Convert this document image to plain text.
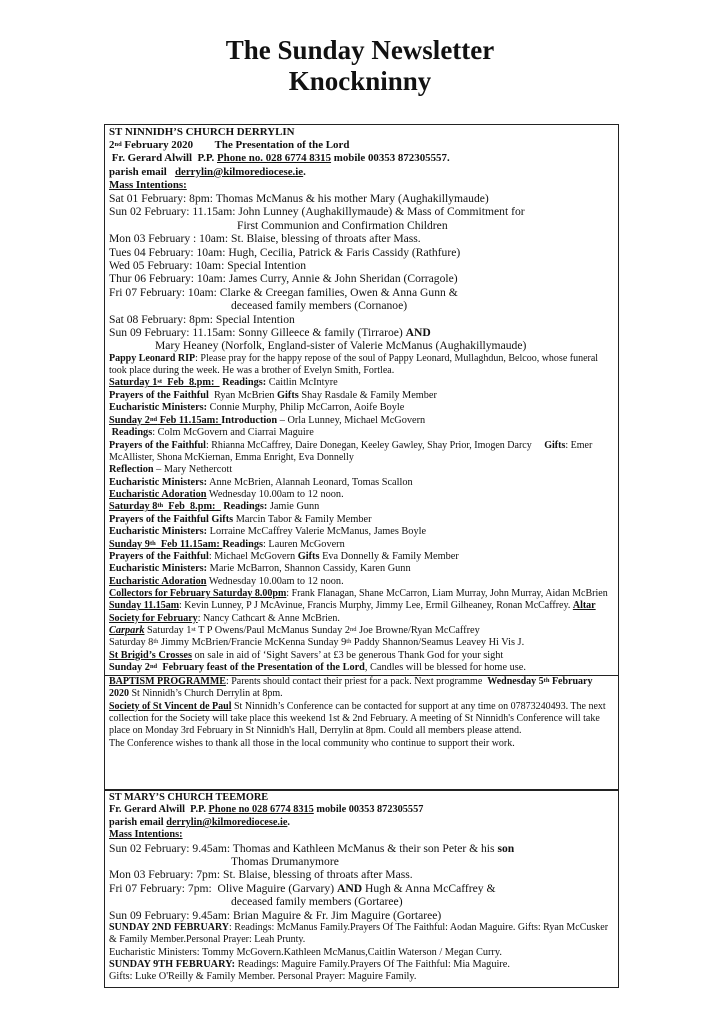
The Sunday Newsletter
Knockninny
ST NINNIDH’S CHURCH DERRYLIN
2nd February 2020        The Presentation of the Lord
Fr. Gerard Alwill  P.P. Phone no. 028 6774 8315 mobile 00353 872305557.
parish email   derrylin@kilmorediocese.ie.
Mass Intentions:
Sat 01 February: 8pm: Thomas McManus & his mother Mary (Aughakillymaude)
Sun 02 February: 11.15am: John Lunney (Aughakillymaude) & Mass of Commitment for
First Communion and Confirmation Children
Mon 03 February : 10am: St. Blaise, blessing of throats after Mass.
Tues 04 February: 10am: Hugh, Cecilia, Patrick & Faris Cassidy (Rathfure)
Wed 05 February: 10am: Special Intention
Thur 06 February: 10am: James Curry, Annie & John Sheridan (Corragole)
Fri 07 February: 10am: Clarke & Creegan families, Owen & Anna Gunn &
deceased family members (Cornanoe)
Sat 08 February: 8pm: Special Intention
Sun 09 February: 11.15am: Sonny Gilleece & family (Tirraroe) AND
Mary Heaney (Norfolk, England-sister of Valerie McManus (Aughakillymaude)
Pappy Leonard RIP: Please pray for the happy repose of the soul of Pappy Leonard, Mullaghdun, Belcoo, whose funeral took place during the week. He was a brother of Evelyn Smith, Fortlea.
Saturday 1st  Feb  8.pm:   Readings: Caitlin McIntyre
Prayers of the Faithful  Ryan McBrien Gifts Shay Rasdale & Family Member
Eucharistic Ministers: Connie Murphy, Philip McCarron, Aoife Boyle
Sunday 2nd Feb 11.15am: Introduction – Orla Lunney, Michael McGovern
Readings: Colm McGovern and Ciarrai Maguire
Prayers of the Faithful: Rhianna McCaffrey, Daire Donegan, Keeley Gawley, Shay Prior, Imogen Darcy     Gifts: Emer McAllister, Shona McKiernan, Emma Enright, Eva Donnelly
Reflection – Mary Nethercott
Eucharistic Ministers: Anne McBrien, Alannah Leonard, Tomas Scallon
Eucharistic Adoration Wednesday 10.00am to 12 noon.
Saturday 8th  Feb  8.pm:   Readings: Jamie Gunn
Prayers of the Faithful Gifts Marcin Tabor & Family Member
Eucharistic Ministers: Lorraine McCaffrey Valerie McManus, James Boyle
Sunday 9th  Feb 11.15am: Readings: Lauren McGovern
Prayers of the Faithful: Michael McGovern Gifts Eva Donnelly & Family Member
Eucharistic Ministers: Marie McBarron, Shannon Cassidy, Karen Gunn
Eucharistic Adoration Wednesday 10.00am to 12 noon.
Collectors for February Saturday 8.00pm: Frank Flanagan, Shane McCarron, Liam Murray, John Murray, Aidan McBrien
Sunday 11.15am: Kevin Lunney, P J McAvinue, Francis Murphy, Jimmy Lee, Ermil Gilheaney, Ronan McCaffrey. Altar Society for February: Nancy Cathcart & Anne McBrien.
Carpark Saturday 1st T P Owens/Paul McManus Sunday 2nd Joe Browne/Ryan McCaffrey
Saturday 8th Jimmy McBrien/Francie McKenna Sunday 9th Paddy Shannon/Seamus Leavey Hi Vis J.
St Brigid’s Crosses on sale in aid of ‘Sight Savers’ at £3 be generous Thank God for your sight
Sunday 2nd  February feast of the Presentation of the Lord, Candles will be blessed for home use.
BAPTISM PROGRAMME: Parents should contact their priest for a pack. Next programme  Wednesday 5th February 2020 St Ninnidh’s Church Derrylin at 8pm.
Society of St Vincent de Paul St Ninnidh’s Conference can be contacted for support at any time on 07873240493. The next collection for the Society will take place this weekend 1st & 2nd February. A meeting of St Ninnidh's Conference will take place on Monday 3rd February in St Ninnidh's Hall, Derrylin at 8pm. Could all members please attend.
The Conference wishes to thank all those in the local community who continue to support their work.
ST MARY’S CHURCH TEEMORE
Fr. Gerard Alwill  P.P. Phone no 028 6774 8315 mobile 00353 872305557
parish email derrylin@kilmorediocese.ie.
Mass Intentions:
Sun 02 February: 9.45am: Thomas and Kathleen McManus & their son Peter & his son
Thomas Drumanymore
Mon 03 February: 7pm: St. Blaise, blessing of throats after Mass.
Fri 07 February: 7pm:  Olive Maguire (Garvary) AND Hugh & Anna McCaffrey &
deceased family members (Gortaree)
Sun 09 February: 9.45am: Brian Maguire & Fr. Jim Maguire (Gortaree)
SUNDAY 2ND FEBRUARY: Readings: McManus Family.Prayers Of The Faithful: Aodan Maguire. Gifts: Ryan McCusker & Family Member.Personal Prayer: Leah Prunty.
Eucharistic Ministers: Tommy McGovern.Kathleen McManus,Caitlin Waterson / Megan Curry.
SUNDAY 9TH FEBRUARY: Readings: Maguire Family.Prayers Of The Faithful: Mia Maguire.
Gifts: Luke O'Reilly & Family Member. Personal Prayer: Maguire Family.
